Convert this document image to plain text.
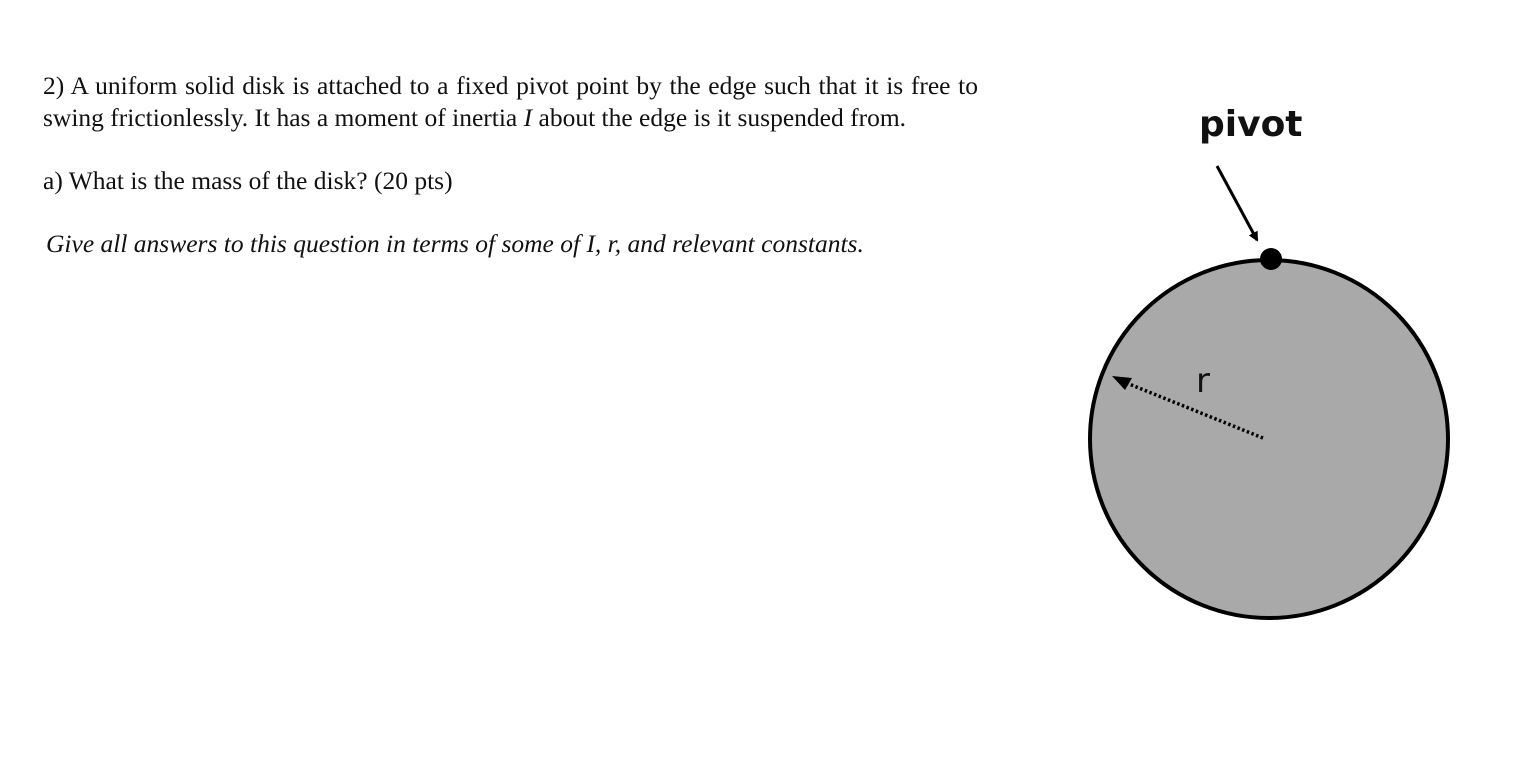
2) A uniform solid disk is attached to a fixed pivot point by the edge such that it is free to swing frictionlessly. It has a moment of inertia I about the edge is it suspended from.

a) What is the mass of the disk? (20 pts)

Give all answers to this question in terms of some of I, r, and relevant constants.

pivot
r
